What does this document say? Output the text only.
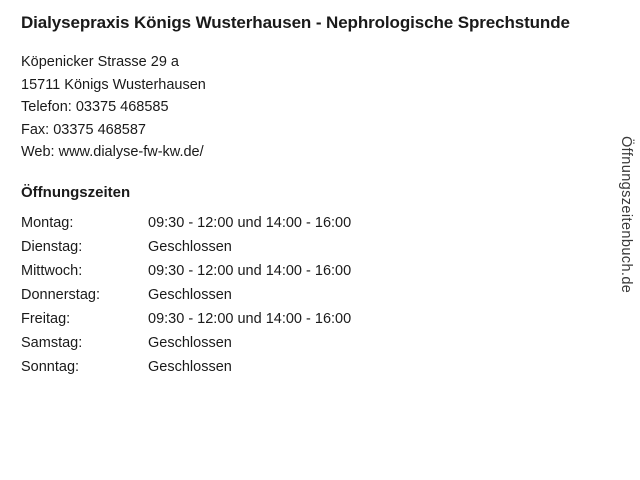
Dialysepraxis Königs Wusterhausen - Nephrologische Sprechstunde
Köpenicker Strasse 29 a
15711 Königs Wusterhausen
Telefon: 03375 468585
Fax: 03375 468587
Web: www.dialyse-fw-kw.de/
Öffnungszeiten
Montag:	09:30 - 12:00 und 14:00 - 16:00
Dienstag:	Geschlossen
Mittwoch:	09:30 - 12:00 und 14:00 - 16:00
Donnerstag:	Geschlossen
Freitag:	09:30 - 12:00 und 14:00 - 16:00
Samstag:	Geschlossen
Sonntag:	Geschlossen
Öffnungszeitenbuch.de
